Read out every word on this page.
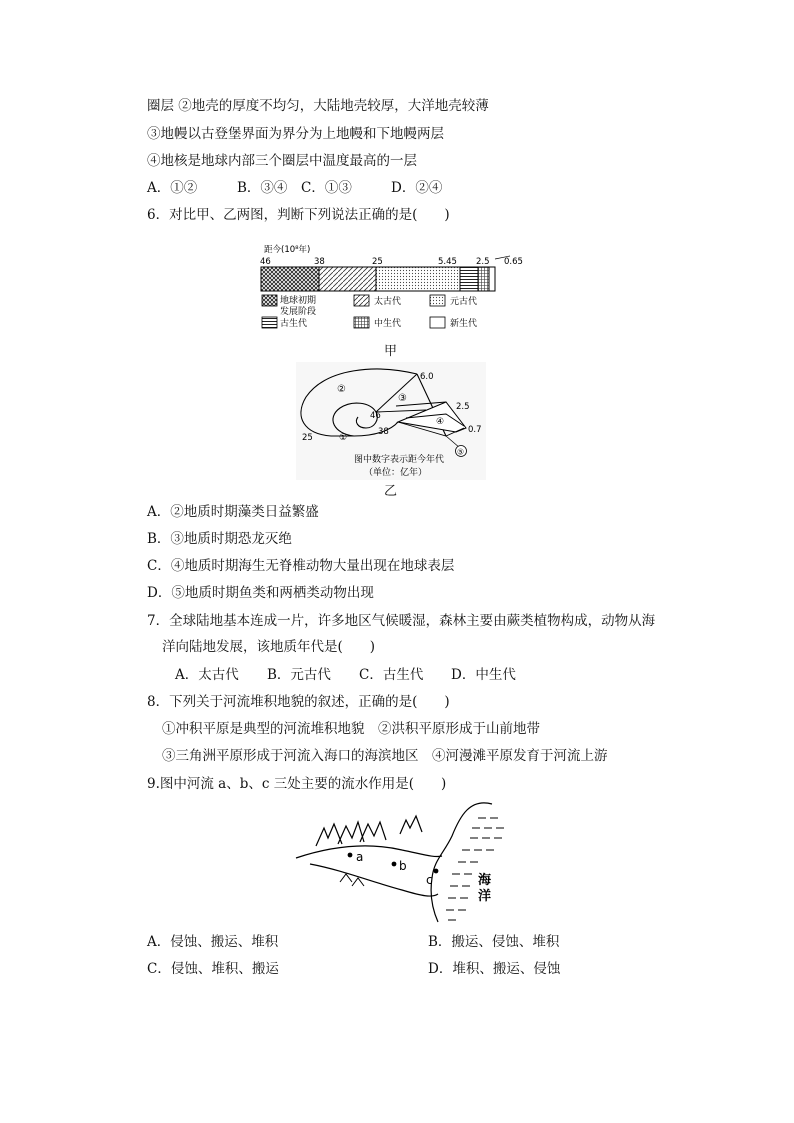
圈层 ②地壳的厚度不均匀，大陆地壳较厚，大洋地壳较薄
③地幔以古登堡界面为界分为上地幔和下地幔两层
④地核是地球内部三个圈层中温度最高的一层
A．①②	B．③④ C．①③	D．②④
6．对比甲、乙两图，判断下列说法正确的是(　　)
距今(10⁸年)
46	38	25	5.45 2.5 0.65
地球初期
发展阶段
太古代	元古代
古生代	中生代	新生代
甲
⑤
②
③
④
①
6.0
2.5
0.7
46
38
25
图中数字表示距今年代
（单位：亿年）
乙
A．②地质时期藻类日益繁盛
B．③地质时期恐龙灭绝
C．④地质时期海生无脊椎动物大量出现在地球表层
D．⑤地质时期鱼类和两栖类动物出现
7．全球陆地基本连成一片，许多地区气候暖湿，森林主要由蕨类植物构成，动物从海
洋向陆地发展，该地质年代是(　　)
A．太古代 B．元古代 C．古生代 D．中生代
8．下列关于河流堆积地貌的叙述，正确的是(　　)
①冲积平原是典型的河流堆积地貌　②洪积平原形成于山前地带
③三角洲平原形成于河流入海口的海滨地区　④河漫滩平原发育于河流上游
9.图中河流 a、b、c 三处主要的流水作用是(　　)
a
b
c	海
洋
A．侵蚀、搬运、堆积	B．搬运、侵蚀、堆积
C．侵蚀、堆积、搬运	D．堆积、搬运、侵蚀
